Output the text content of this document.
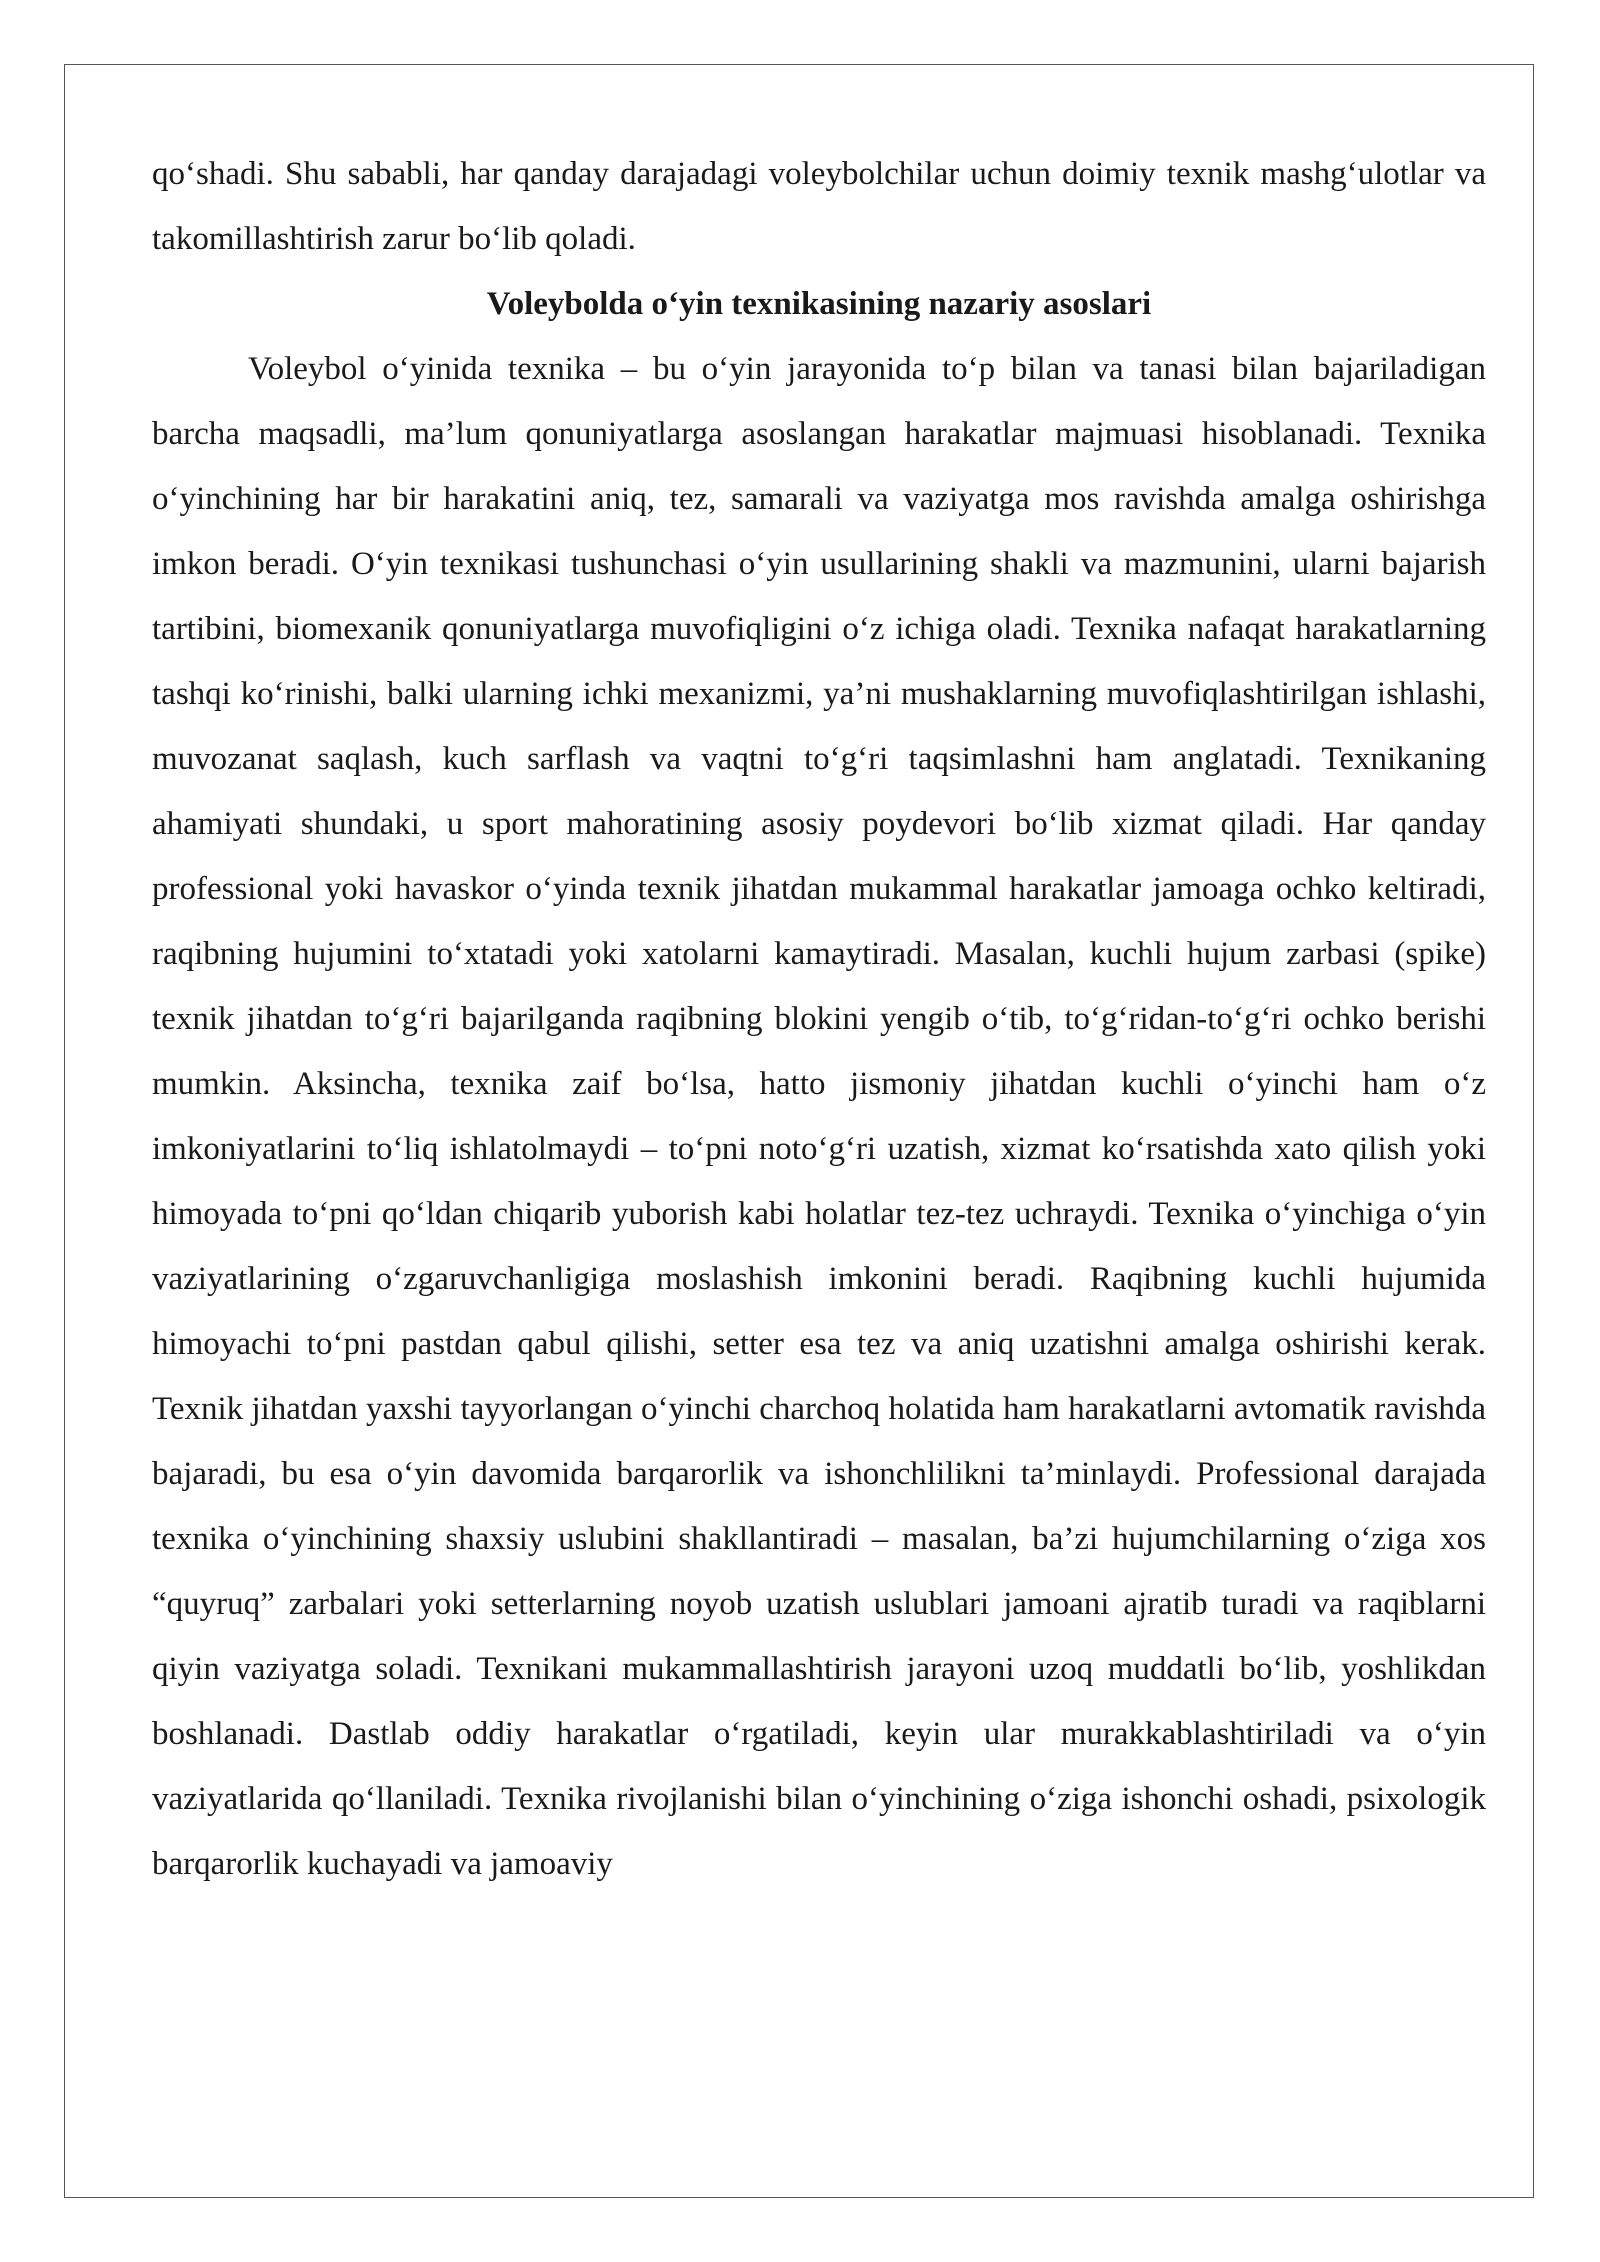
qo‘shadi. Shu sababli, har qanday darajadagi voleybolchilar uchun doimiy texnik mashg‘ulotlar va takomillashtirish zarur bo‘lib qoladi.

Voleybolda o‘yin texnikasining nazariy asoslari

Voleybol o‘yinida texnika – bu o‘yin jarayonida to‘p bilan va tanasi bilan bajariladigan barcha maqsadli, ma’lum qonuniyatlarga asoslangan harakatlar majmuasi hisoblanadi. Texnika o‘yinchining har bir harakatini aniq, tez, samarali va vaziyatga mos ravishda amalga oshirishga imkon beradi. O‘yin texnikasi tushunchasi o‘yin usullarining shakli va mazmunini, ularni bajarish tartibini, biomexanik qonuniyatlarga muvofiqligini o‘z ichiga oladi. Texnika nafaqat harakatlarning tashqi ko‘rinishi, balki ularning ichki mexanizmi, ya’ni mushaklarning muvofiqlashtirilgan ishlashi, muvozanat saqlash, kuch sarflash va vaqtni to‘g‘ri taqsimlashni ham anglatadi. Texnikaning ahamiyati shundaki, u sport mahoratining asosiy poydevori bo‘lib xizmat qiladi. Har qanday professional yoki havaskor o‘yinda texnik jihatdan mukammal harakatlar jamoaga ochko keltiradi, raqibning hujumini to‘xtatadi yoki xatolarni kamaytiradi. Masalan, kuchli hujum zarbasi (spike) texnik jihatdan to‘g‘ri bajarilganda raqibning blokini yengib o‘tib, to‘g‘ridan-to‘g‘ri ochko berishi mumkin. Aksincha, texnika zaif bo‘lsa, hatto jismoniy jihatdan kuchli o‘yinchi ham o‘z imkoniyatlarini to‘liq ishlatolmaydi – to‘pni noto‘g‘ri uzatish, xizmat ko‘rsatishda xato qilish yoki himoyada to‘pni qo‘ldan chiqarib yuborish kabi holatlar tez-tez uchraydi. Texnika o‘yinchiga o‘yin vaziyatlarining o‘zgaruvchanligiga moslashish imkonini beradi. Raqibning kuchli hujumida himoyachi to‘pni pastdan qabul qilishi, setter esa tez va aniq uzatishni amalga oshirishi kerak. Texnik jihatdan yaxshi tayyorlangan o‘yinchi charchoq holatida ham harakatlarni avtomatik ravishda bajaradi, bu esa o‘yin davomida barqarorlik va ishonchlilikni ta’minlaydi. Professional darajada texnika o‘yinchining shaxsiy uslubini shakllantiradi – masalan, ba’zi hujumchilarning o‘ziga xos “quyruq” zarbalari yoki setterlarning noyob uzatish uslublari jamoani ajratib turadi va raqiblarni qiyin vaziyatga soladi. Texnikani mukammallashtirish jarayoni uzoq muddatli bo‘lib, yoshlikdan boshlanadi. Dastlab oddiy harakatlar o‘rgatiladi, keyin ular murakkablashtiriladi va o‘yin vaziyatlarida qo‘llaniladi. Texnika rivojlanishi bilan o‘yinchining o‘ziga ishonchi oshadi, psixologik barqarorlik kuchayadi va jamoaviy
